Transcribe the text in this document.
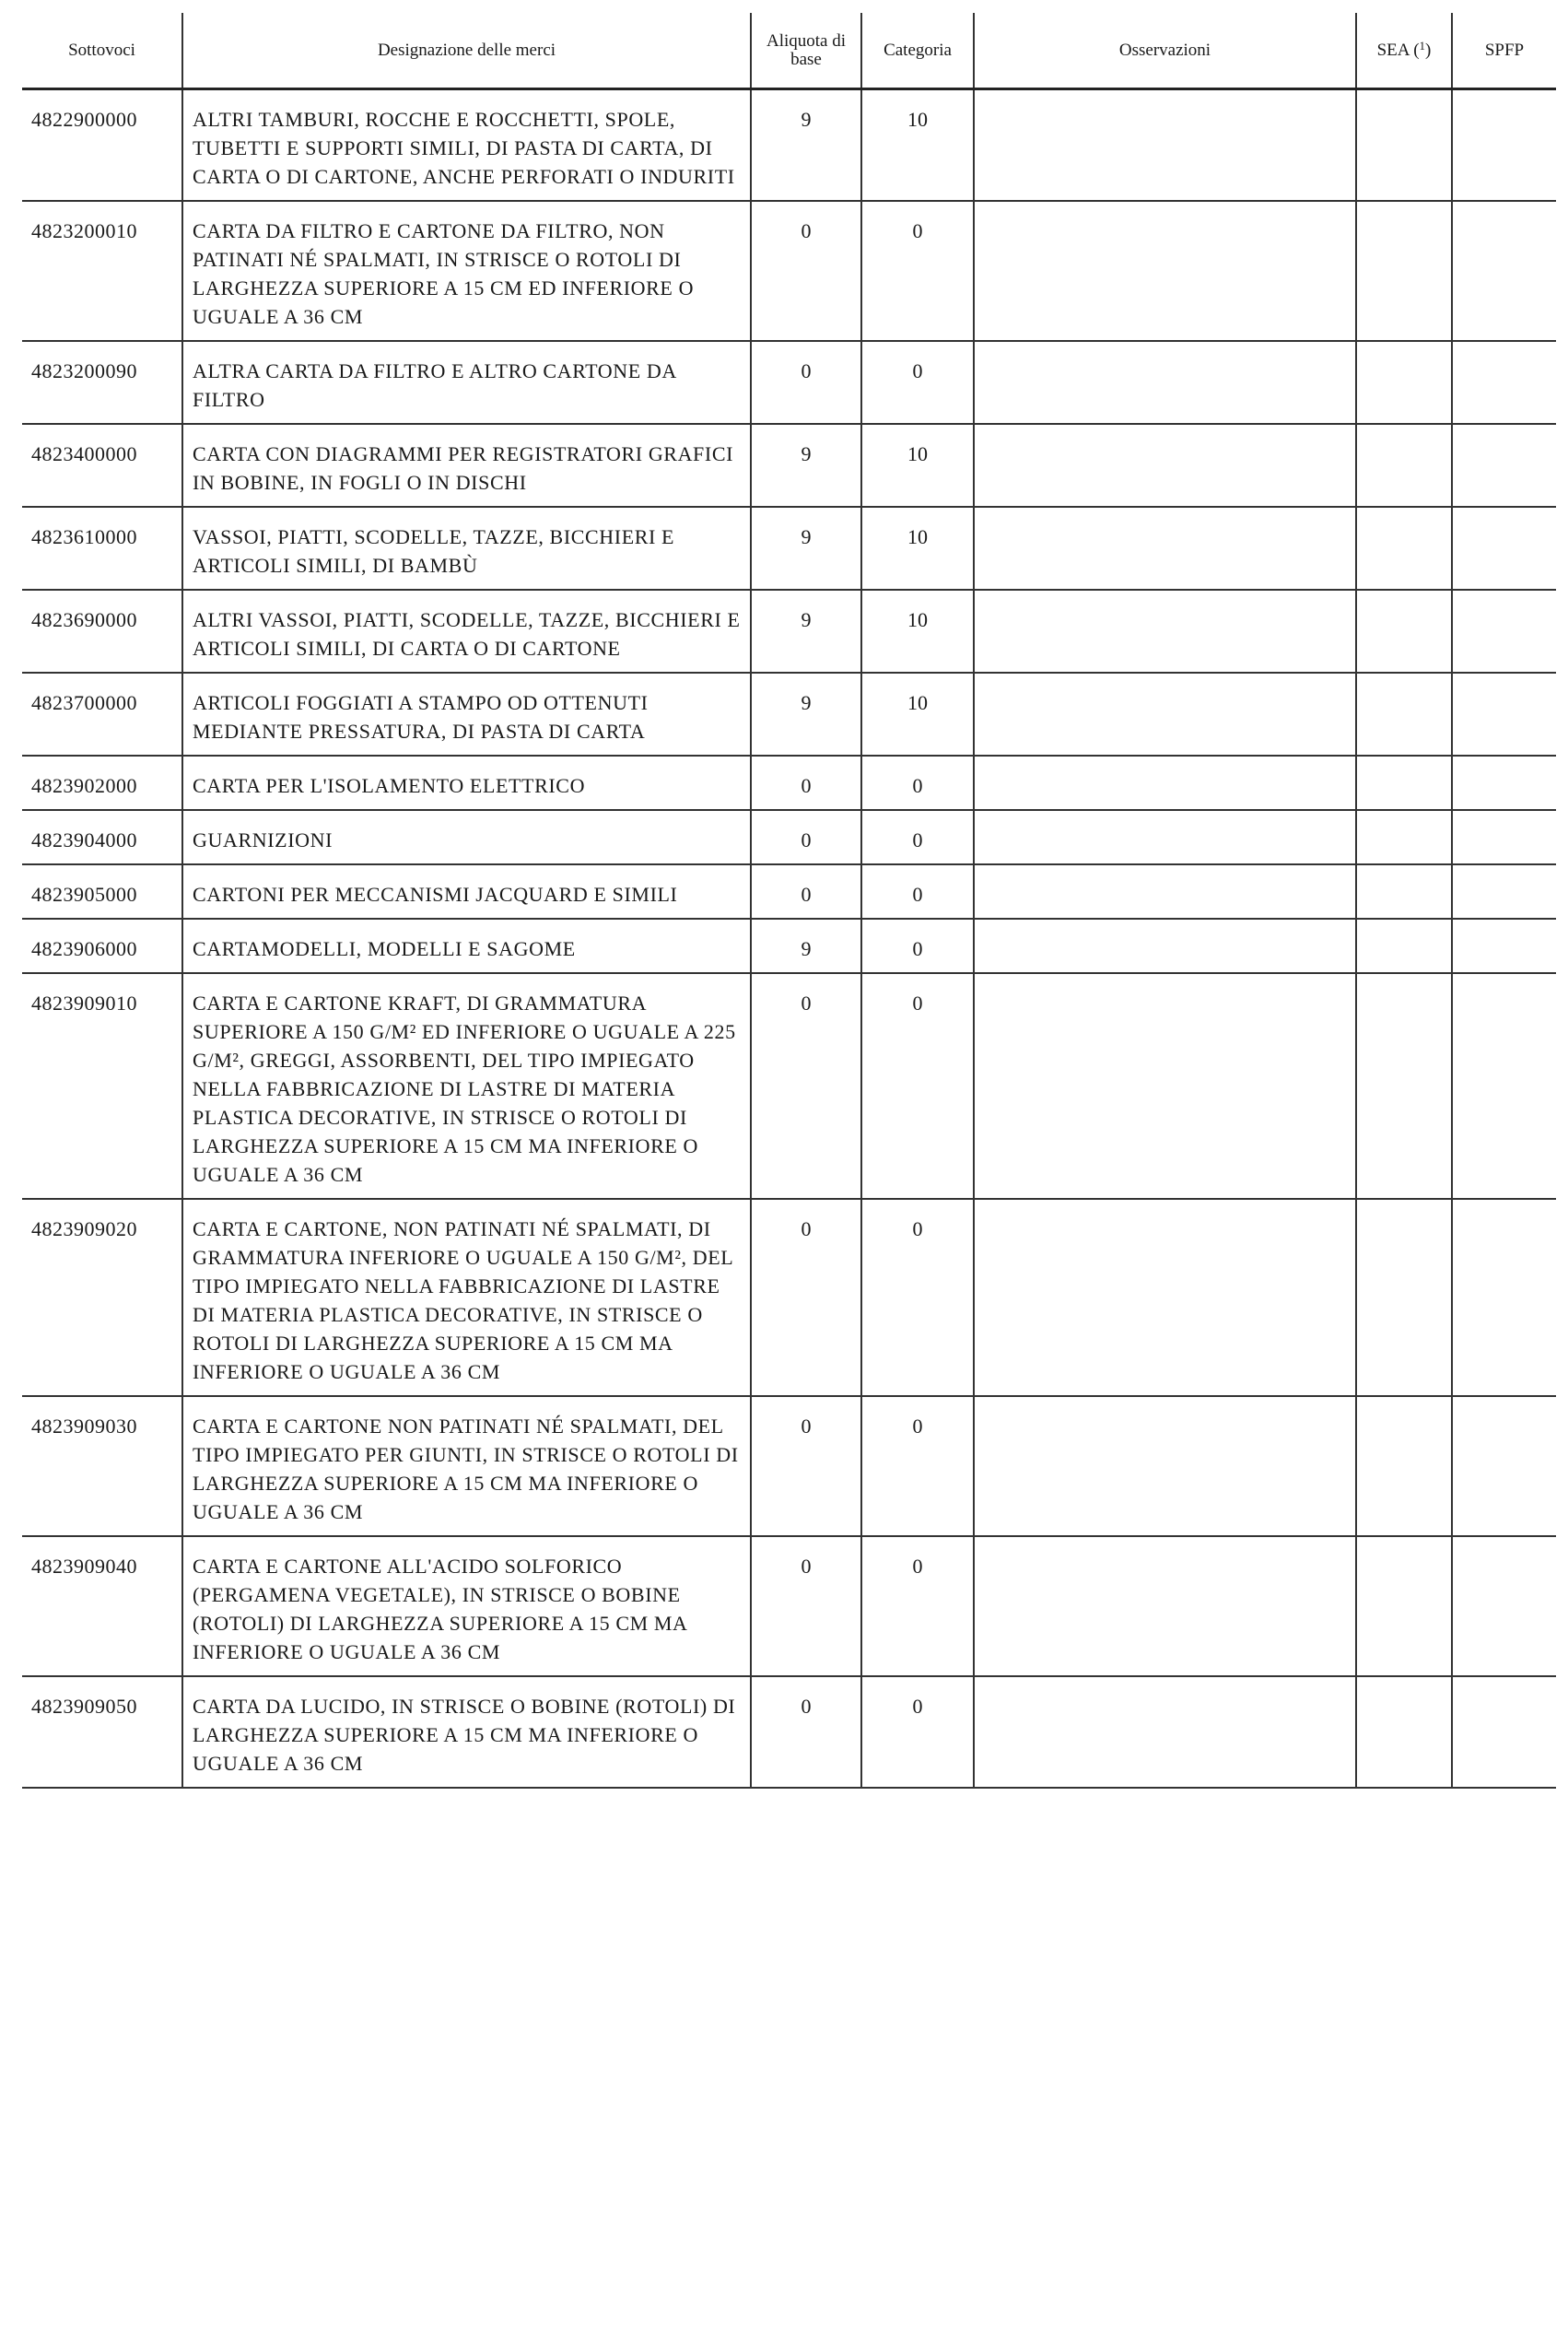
Sottovoci	Designazione delle merci	Aliquota di
base	Categoria	Osservazioni	SEA ($^1$)	SPFP
4822900000	ALTRI TAMBURI, ROCCHE E ROCCHETTI, SPOLE, TUBETTI E SUPPORTI SIMILI, DI PASTA DI CARTA, DI CARTA O DI CARTONE, ANCHE PERFORATI O INDURITI	9	10			
4823200010	CARTA DA FILTRO E CARTONE DA FILTRO, NON PATINATI NÉ SPALMATI, IN STRISCE O ROTOLI DI LARGHEZZA SUPERIORE A 15 CM ED INFERIORE O UGUALE A 36 CM	0	0			
4823200090	ALTRA CARTA DA FILTRO E ALTRO CARTONE DA FILTRO	0	0			
4823400000	CARTA CON DIAGRAMMI PER REGISTRATORI GRAFICI IN BOBINE, IN FOGLI O IN DISCHI	9	10			
4823610000	VASSOI, PIATTI, SCODELLE, TAZZE, BICCHIERI E ARTICOLI SIMILI, DI BAMBÙ	9	10			
4823690000	ALTRI VASSOI, PIATTI, SCODELLE, TAZZE, BICCHIERI E ARTICOLI SIMILI, DI CARTA O DI CARTONE	9	10			
4823700000	ARTICOLI FOGGIATI A STAMPO OD OTTENUTI MEDIANTE PRESSATURA, DI PASTA DI CARTA	9	10			
4823902000	CARTA PER L'ISOLAMENTO ELETTRICO	0	0			
4823904000	GUARNIZIONI	0	0			
4823905000	CARTONI PER MECCANISMI JACQUARD E SIMILI	0	0			
4823906000	CARTAMODELLI, MODELLI E SAGOME	9	0			
4823909010	CARTA E CARTONE KRAFT, DI GRAMMATURA SUPERIORE A 150 G/M² ED INFERIORE O UGUALE A 225 G/M², GREGGI, ASSORBENTI, DEL TIPO IMPIEGATO NELLA FABBRICAZIONE DI LASTRE DI MATERIA PLASTICA DECORATIVE, IN STRISCE O ROTOLI DI LARGHEZZA SUPERIORE A 15 CM MA INFERIORE O UGUALE A 36 CM	0	0			
4823909020	CARTA E CARTONE, NON PATINATI NÉ SPALMATI, DI GRAMMATURA INFERIORE O UGUALE A 150 G/M², DEL TIPO IMPIEGATO NELLA FABBRICAZIONE DI LASTRE DI MATERIA PLASTICA DECORATIVE, IN STRISCE O ROTOLI DI LARGHEZZA SUPERIORE A 15 CM MA INFERIORE O UGUALE A 36 CM	0	0			
4823909030	CARTA E CARTONE NON PATINATI NÉ SPALMATI, DEL TIPO IMPIEGATO PER GIUNTI, IN STRISCE O ROTOLI DI LARGHEZZA SUPERIORE A 15 CM MA INFERIORE O UGUALE A 36 CM	0	0			
4823909040	CARTA E CARTONE ALL'ACIDO SOLFORICO (PERGAMENA VEGETALE), IN STRISCE O BOBINE (ROTOLI) DI LARGHEZZA SUPERIORE A 15 CM MA INFERIORE O UGUALE A 36 CM	0	0			
4823909050	CARTA DA LUCIDO, IN STRISCE O BOBINE (ROTOLI) DI LARGHEZZA SUPERIORE A 15 CM MA INFERIORE O UGUALE A 36 CM	0	0			
